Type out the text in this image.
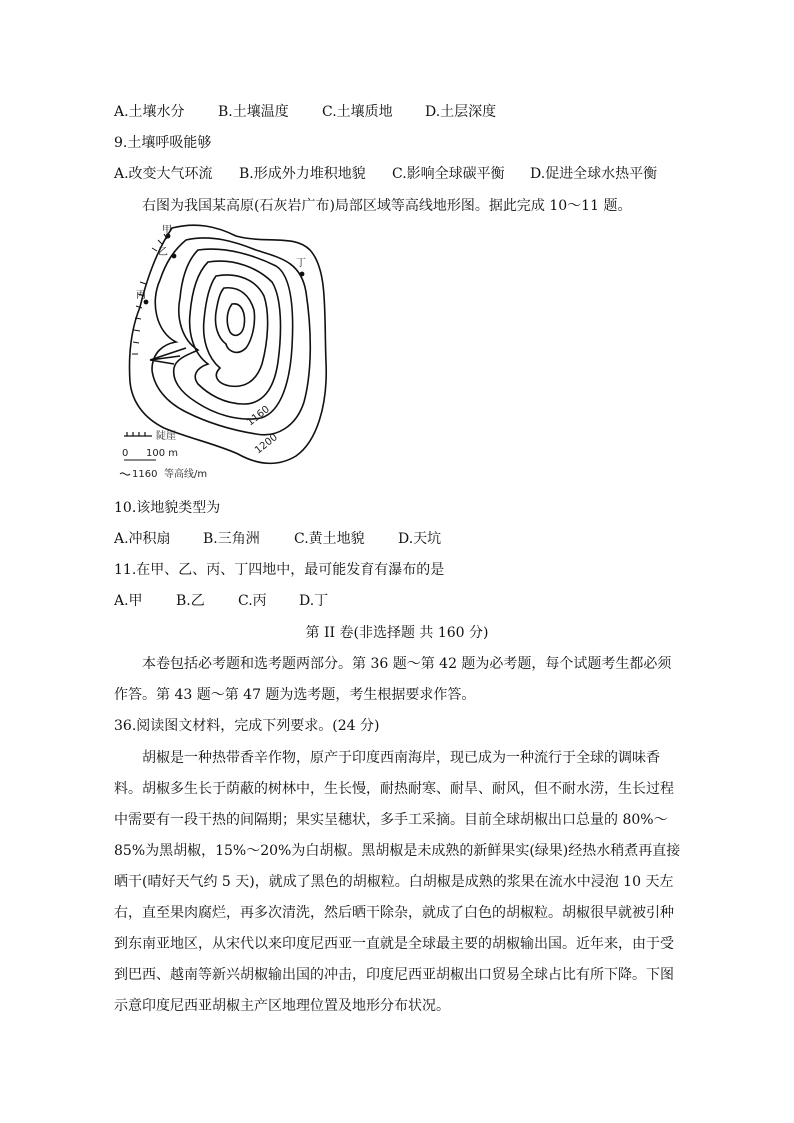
A.土壤水分 B.土壤温度 C.土壤质地 D.土层深度
9.土壤呼吸能够
A.改变大气环流 B.形成外力堆积地貌 C.影响全球碳平衡 D.促进全球水热平衡
右图为我国某高原(石灰岩广布)局部区域等高线地形图。据此完成 10～11 题。
甲
乙
丙
丁
1160
1200
陡崖
0 100 m
1160 等高线/m
10.该地貌类型为
A.冲积扇 B.三角洲 C.黄土地貌 D.天坑
11.在甲、乙、丙、丁四地中，最可能发育有瀑布的是
A.甲 B.乙 C.丙 D.丁
第 II 卷(非选择题 共 160 分)

本卷包括必考题和选考题两部分。第 36 题～第 42 题为必考题，每个试题考生都必须作答。第 43 题～第 47 题为选考题，考生根据要求作答。

36.阅读图文材料，完成下列要求。(24 分)

胡椒是一种热带香辛作物，原产于印度西南海岸，现已成为一种流行于全球的调味香料。胡椒多生长于荫蔽的树林中，生长慢，耐热耐寒、耐旱、耐风，但不耐水涝，生长过程中需要有一段干热的间隔期；果实呈穗状，多手工采摘。目前全球胡椒出口总量的 80%～85%为黑胡椒，15%～20%为白胡椒。黑胡椒是未成熟的新鲜果实(绿果)经热水稍煮再直接晒干(晴好天气约 5 天)，就成了黑色的胡椒粒。白胡椒是成熟的浆果在流水中浸泡 10 天左右，直至果肉腐烂，再多次清洗，然后晒干除杂，就成了白色的胡椒粒。胡椒很早就被引种到东南亚地区，从宋代以来印度尼西亚一直就是全球最主要的胡椒输出国。近年来，由于受到巴西、越南等新兴胡椒输出国的冲击，印度尼西亚胡椒出口贸易全球占比有所下降。下图示意印度尼西亚胡椒主产区地理位置及地形分布状况。
